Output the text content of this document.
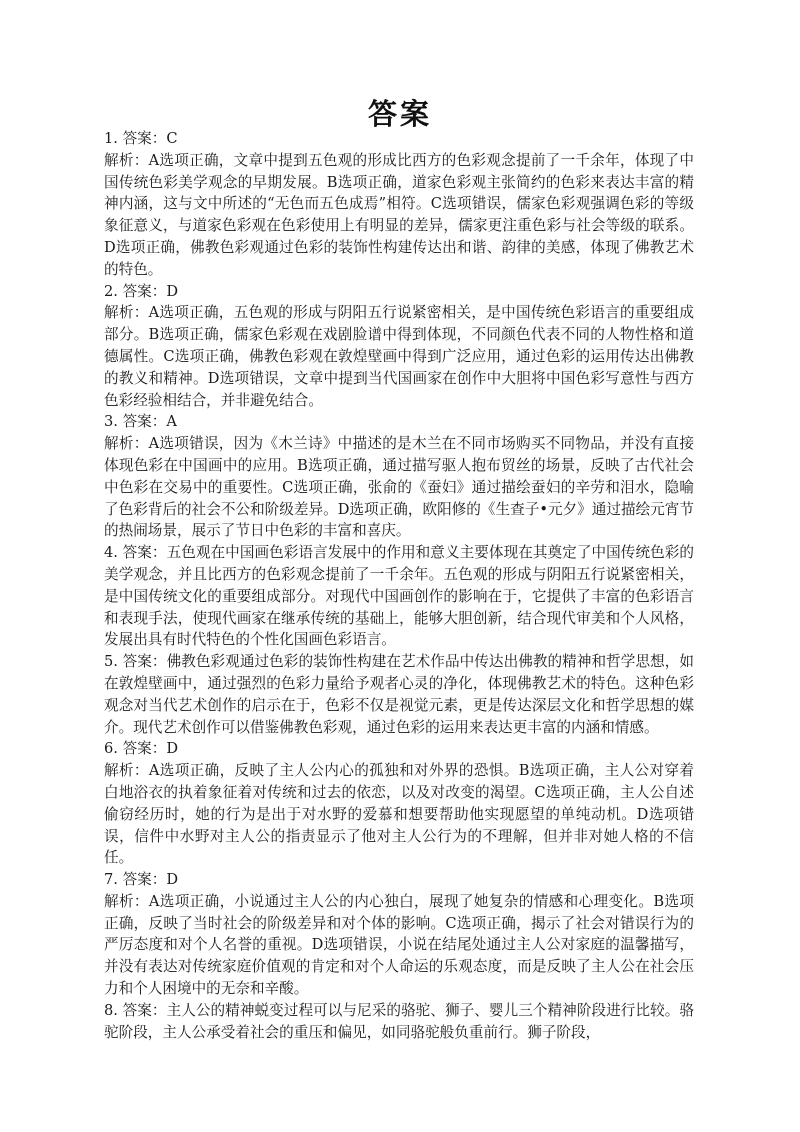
答案

1. 答案：C

解析：A选项正确，文章中提到五色观的形成比西方的色彩观念提前了一千余年，体现了中国传统色彩美学观念的早期发展。B选项正确，道家色彩观主张简约的色彩来表达丰富的精神内涵，这与文中所述的“无色而五色成焉”相符。C选项错误，儒家色彩观强调色彩的等级象征意义，与道家色彩观在色彩使用上有明显的差异，儒家更注重色彩与社会等级的联系。D选项正确，佛教色彩观通过色彩的装饰性构建传达出和谐、韵律的美感，体现了佛教艺术的特色。

2. 答案：D

解析：A选项正确，五色观的形成与阴阳五行说紧密相关，是中国传统色彩语言的重要组成部分。B选项正确，儒家色彩观在戏剧脸谱中得到体现，不同颜色代表不同的人物性格和道德属性。C选项正确，佛教色彩观在敦煌壁画中得到广泛应用，通过色彩的运用传达出佛教的教义和精神。D选项错误，文章中提到当代国画家在创作中大胆将中国色彩写意性与西方色彩经验相结合，并非避免结合。

3. 答案：A

解析：A选项错误，因为《木兰诗》中描述的是木兰在不同市场购买不同物品，并没有直接体现色彩在中国画中的应用。B选项正确，通过描写驱人抱布贸丝的场景，反映了古代社会中色彩在交易中的重要性。C选项正确，张俞的《蚕妇》通过描绘蚕妇的辛劳和泪水，隐喻了色彩背后的社会不公和阶级差异。D选项正确，欧阳修的《生查子•元夕》通过描绘元宵节的热闹场景，展示了节日中色彩的丰富和喜庆。

4. 答案：五色观在中国画色彩语言发展中的作用和意义主要体现在其奠定了中国传统色彩的美学观念，并且比西方的色彩观念提前了一千余年。五色观的形成与阴阳五行说紧密相关，是中国传统文化的重要组成部分。对现代中国画创作的影响在于，它提供了丰富的色彩语言和表现手法，使现代画家在继承传统的基础上，能够大胆创新，结合现代审美和个人风格，发展出具有时代特色的个性化国画色彩语言。

5. 答案：佛教色彩观通过色彩的装饰性构建在艺术作品中传达出佛教的精神和哲学思想，如在敦煌壁画中，通过强烈的色彩力量给予观者心灵的净化，体现佛教艺术的特色。这种色彩观念对当代艺术创作的启示在于，色彩不仅是视觉元素，更是传达深层文化和哲学思想的媒介。现代艺术创作可以借鉴佛教色彩观，通过色彩的运用来表达更丰富的内涵和情感。

6. 答案：D

解析：A选项正确，反映了主人公内心的孤独和对外界的恐惧。B选项正确，主人公对穿着白地浴衣的执着象征着对传统和过去的依恋，以及对改变的渴望。C选项正确，主人公自述偷窃经历时，她的行为是出于对水野的爱慕和想要帮助他实现愿望的单纯动机。D选项错误，信件中水野对主人公的指责显示了他对主人公行为的不理解，但并非对她人格的不信任。

7. 答案：D

解析：A选项正确，小说通过主人公的内心独白，展现了她复杂的情感和心理变化。B选项正确，反映了当时社会的阶级差异和对个体的影响。C选项正确，揭示了社会对错误行为的严厉态度和对个人名誉的重视。D选项错误，小说在结尾处通过主人公对家庭的温馨描写，并没有表达对传统家庭价值观的肯定和对个人命运的乐观态度，而是反映了主人公在社会压力和个人困境中的无奈和辛酸。

8. 答案：主人公的精神蜕变过程可以与尼采的骆驼、狮子、婴儿三个精神阶段进行比较。骆驼阶段，主人公承受着社会的重压和偏见，如同骆驼般负重前行。狮子阶段，
